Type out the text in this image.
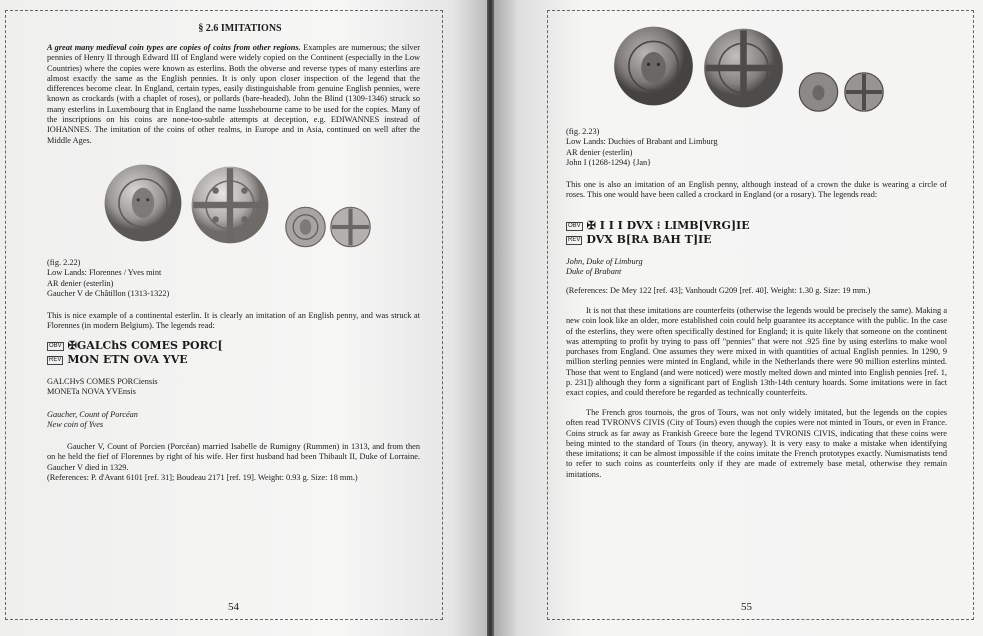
§ 2.6 IMITATIONS
A great many medieval coin types are copies of coins from other regions. Examples are numerous; the silver pennies of Henry II through Edward III of England were widely copied on the Continent (especially in the Low Countries) where the copies were known as esterlins. Both the obverse and reverse types of many esterlins are almost exactly the same as the English pennies. It is only upon closer inspection of the legend that the differences become clear. In England, certain types, easily distinguishable from genuine English pennies, were known as crockards (with a chaplet of roses), or pollards (bare-headed). John the Blind (1309-1346) struck so many esterlins in Luxembourg that in England the name lusshebourne came to be used for the copies. Many of the inscriptions on his coins are none-too-subtle attempts at deception, e.g. EDIWANNES instead of IOHANNES. The imitation of the coins of other realms, in Europe and in Asia, continued on well after the Middle Ages.
(fig. 2.22)
Low Lands: Florennes / Yves mint
AR denier (esterlin)
Gaucher V de Châtillon (1313-1322)
This is nice example of a continental esterlin. It is clearly an imitation of an English penny, and was struck at Florennes (in modern Belgium). The legends read:
OBV ✠GALChS COMES PORC[
REV MON ETN OVA YVE
GALCHvS COMES PORCiensis
MONETa NOVA YVEnsis
Gaucher, Count of Porcéan
New coin of Yves
Gaucher V, Count of Porcien (Porcéan) married Isabelle de Rumigny (Rummen) in 1313, and from then on he held the fief of Florennes by right of his wife. Her first husband had been Thibault II, Duke of Lorraine. Gaucher V died in 1329.
(References: P. d'Avant 6101 [ref. 31]; Boudeau 2171 [ref. 19]. Weight: 0.93 g. Size: 18 mm.)
54
(fig. 2.23)
Low Lands: Duchies of Brabant and Limburg
AR denier (esterlin)
John I (1268-1294) {Jan}
This one is also an imitation of an English penny, although instead of a crown the duke is wearing a circle of roses. This one would have been called a crockard in England (or a rosary). The legends read:
OBV ✠ I I I DVX ⁝ LIMB[VRG]IE
REV DVX B[RA BAH T]IE
John, Duke of Limburg
Duke of Brabant
(References: De Mey 122 [ref. 43]; Vanhoudt G209 [ref. 40]. Weight: 1.30 g. Size: 19 mm.)
It is not that these imitations are counterfeits (otherwise the legends would be precisely the same). Making a new coin look like an older, more established coin could help guarantee its acceptance with the public. In the case of the esterlins, they were often specifically destined for England; it is quite likely that someone on the continent was attempting to profit by trying to pass off "pennies" that were not .925 fine by using esterlins to make wool purchases from England. One assumes they were mixed in with quantities of actual English pennies. In 1290, 9 million sterling pennies were minted in England, while in the Netherlands there were 90 million esterlins minted. Those that went to England (and were noticed) were mostly melted down and minted into English pennies [ref. 1, p. 231]) although they form a significant part of English 13th-14th century hoards. Some imitations were in fact exact copies, and could therefore be regarded as technically counterfeits.
The French gros tournois, the gros of Tours, was not only widely imitated, but the legends on the copies often read TVRONVS CIVIS (City of Tours) even though the copies were not minted in Tours, or even in France. Coins struck as far away as Frankish Greece bore the legend TVRONIS CIVIS, indicating that these coins were being minted to the standard of Tours (in theory, anyway). It is very easy to make a mistake when identifying these imitations; it can be almost impossible if the coins imitate the French prototypes exactly. Numismatists tend to refer to such coins as counterfeits only if they are made of extremely base metal, otherwise they remain imitations.
55
